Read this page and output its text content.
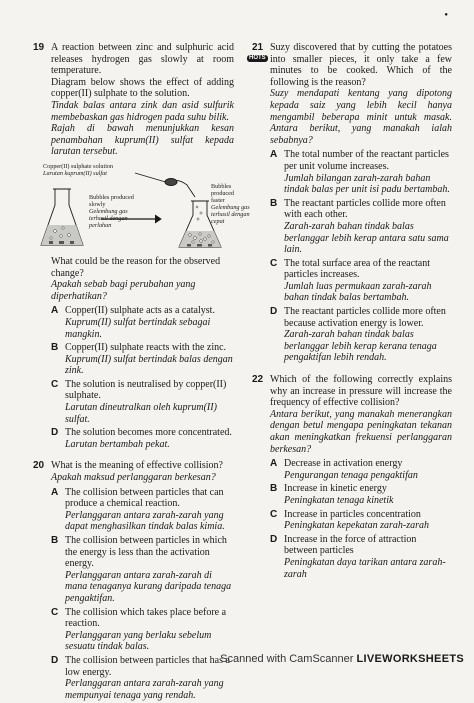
19 A reaction between zinc and sulphuric acid releases hydrogen gas slowly at room temperature.
Diagram below shows the effect of adding copper(II) sulphate to the solution.
Tindak balas antara zink dan asid sulfurik membebaskan gas hidrogen pada suhu bilik.
Rajah di bawah menunjukkan kesan penambahan kuprum(II) sulfat kepada larutan tersebut.
Copper(II) sulphate solution
Larutan kuprum(II) sulfat
Bubbles produced
slowly
Gelembung gas
terhasil dengan
perlahan
Bubbles
produced
faster
Gelembung gas
terhasil dengan
cepat
What could be the reason for the observed change?
Apakah sebab bagi perubahan yang diperhatikan?
A Copper(II) sulphate acts as a catalyst.
Kuprum(II) sulfat bertindak sebagai mangkin.
B Copper(II) sulphate reacts with the zinc.
Kuprum(II) sulfat bertindak balas dengan zink.
C The solution is neutralised by copper(II) sulphate.
Larutan dineutralkan oleh kuprum(II) sulfat.
D The solution becomes more concentrated.
Larutan bertambah pekat.
20 What is the meaning of effective collision?
Apakah maksud perlanggaran berkesan?
A The collision between particles that can produce a chemical reaction.
Perlanggaran antara zarah-zarah yang dapat menghasilkan tindak balas kimia.
B The collision between particles in which the energy is less than the activation energy.
Perlanggaran antara zarah-zarah di mana tenaganya kurang daripada tenaga pengaktifan.
C The collision which takes place before a reaction.
Perlanggaran yang berlaku sebelum sesuatu tindak balas.
D The collision between particles that has a low energy.
Perlanggaran antara zarah-zarah yang mempunyai tenaga yang rendah.
21
HOTS
Suzy discovered that by cutting the potatoes into smaller pieces, it only take a few minutes to be cooked. Which of the following is the reason?
Suzy mendapati kentang yang dipotong kepada saiz yang lebih kecil hanya mengambil beberapa minit untuk masak. Antara berikut, yang manakah ialah sebabnya?
A The total number of the reactant particles per unit volume increases.
Jumlah bilangan zarah-zarah bahan tindak balas per unit isi padu bertambah.
B The reactant particles collide more often with each other.
Zarah-zarah bahan tindak balas berlanggar lebih kerap antara satu sama lain.
C The total surface area of the reactant particles increases.
Jumlah luas permukaan zarah-zarah bahan tindak balas bertambah.
D The reactant particles collide more often because activation energy is lower.
Zarah-zarah bahan tindak balas berlanggar lebih kerap kerana tenaga pengaktifan lebih rendah.
22 Which of the following correctly explains why an increase in pressure will increase the frequency of effective collision?
Antara berikut, yang manakah menerangkan dengan betul mengapa peningkatan tekanan akan meningkatkan frekuensi perlanggaran berkesan?
A Decrease in activation energy
Pengurangan tenaga pengaktifan
B Increase in kinetic energy
Peningkatan tenaga kinetik
C Increase in particles concentration
Peningkatan kepekatan zarah-zarah
D Increase in the force of attraction between particles
Peningkatan daya tarikan antara zarah-zarah
●
Scanned with CamScanner LIVEWORKSHEETS
